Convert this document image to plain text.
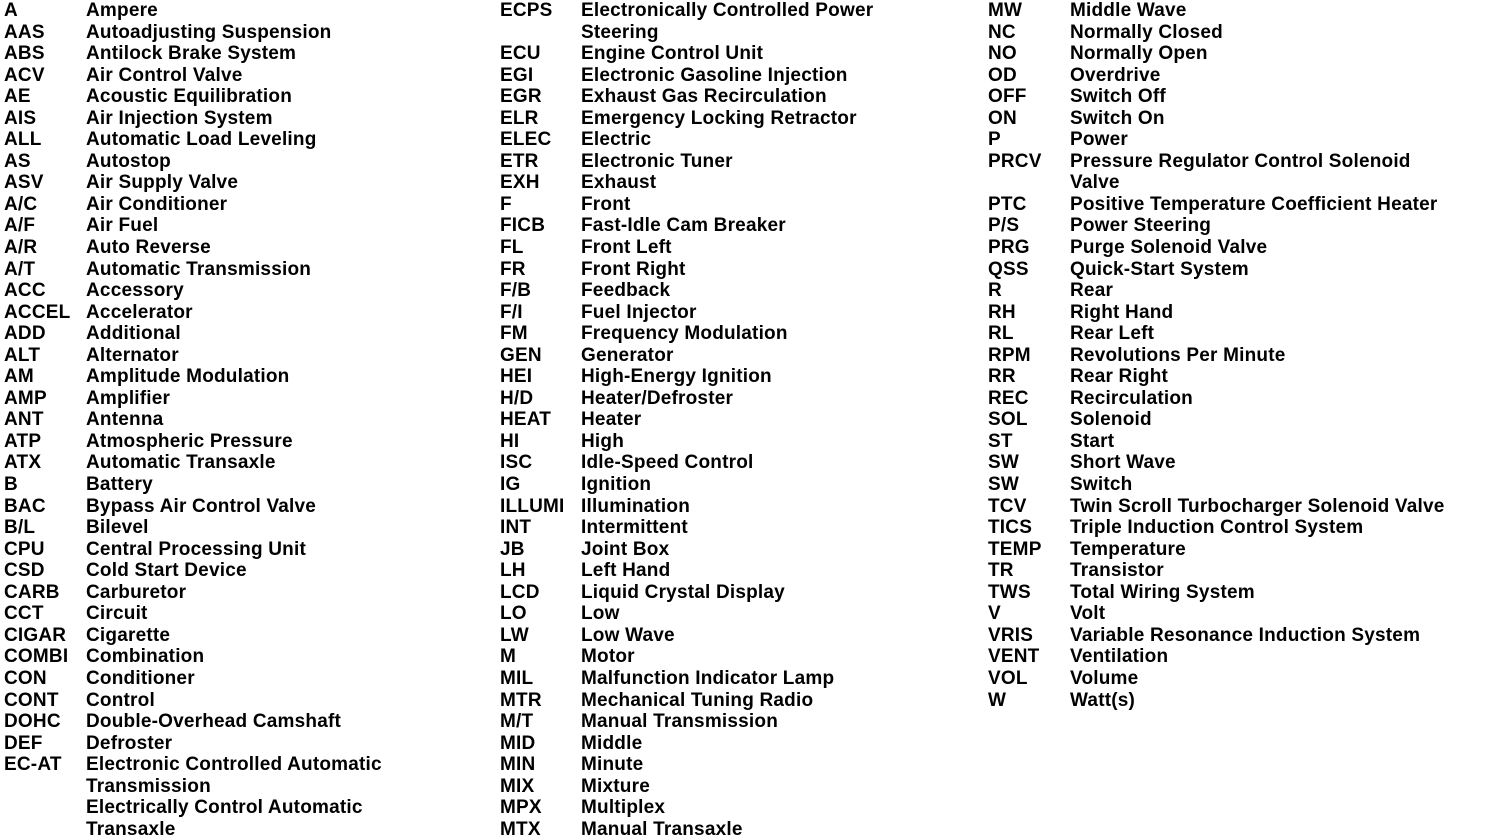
A	Ampere
AAS	Autoadjusting Suspension
ABS	Antilock Brake System
ACV	Air Control Valve
AE	Acoustic Equilibration
AIS	Air Injection System
ALL	Automatic Load Leveling
AS	Autostop
ASV	Air Supply Valve
A/C	Air Conditioner
A/F	Air Fuel
A/R	Auto Reverse
A/T	Automatic Transmission
ACC	Accessory
ACCEL Accelerator
ADD	Additional
ALT	Alternator
AM	Amplitude Modulation
AMP	Amplifier
ANT	Antenna
ATP	Atmospheric Pressure
ATX	Automatic Transaxle
B	Battery
BAC	Bypass Air Control Valve
B/L	Bilevel
CPU	Central Processing Unit
CSD	Cold Start Device
CARB	Carburetor
CCT	Circuit
CIGAR	Cigarette
COMBI Combination
CON	Conditioner
CONT	Control
DOHC	Double-Overhead Camshaft
DEF	Defroster
EC-AT	Electronic Controlled Automatic
Transmission
Electrically Control Automatic
Transaxle
ECPS	Electronically Controlled Power
Steering
ECU	Engine Control Unit
EGI	Electronic Gasoline Injection
EGR	Exhaust Gas Recirculation
ELR	Emergency Locking Retractor
ELEC	Electric
ETR	Electronic Tuner
EXH	Exhaust
F	Front
FICB	Fast-Idle Cam Breaker
FL	Front Left
FR	Front Right
F/B	Feedback
F/I	Fuel Injector
FM	Frequency Modulation
GEN	Generator
HEI	High-Energy Ignition
H/D	Heater/Defroster
HEAT	Heater
HI	High
ISC	Idle-Speed Control
IG	Ignition
ILLUMI Illumination
INT	Intermittent
JB	Joint Box
LH	Left Hand
LCD	Liquid Crystal Display
LO	Low
LW	Low Wave
M	Motor
MIL	Malfunction Indicator Lamp
MTR	Mechanical Tuning Radio
M/T	Manual Transmission
MID	Middle
MIN	Minute
MIX	Mixture
MPX	Multiplex
MTX	Manual Transaxle
MW	Middle Wave
NC	Normally Closed
NO	Normally Open
OD	Overdrive
OFF	Switch Off
ON	Switch On
P	Power
PRCV	Pressure Regulator Control Solenoid
Valve
PTC	Positive Temperature Coefficient Heater
P/S	Power Steering
PRG	Purge Solenoid Valve
QSS	Quick-Start System
R	Rear
RH	Right Hand
RL	Rear Left
RPM	Revolutions Per Minute
RR	Rear Right
REC	Recirculation
SOL	Solenoid
ST	Start
SW	Short Wave
SW	Switch
TCV	Twin Scroll Turbocharger Solenoid Valve
TICS	Triple Induction Control System
TEMP	Temperature
TR	Transistor
TWS	Total Wiring System
V	Volt
VRIS	Variable Resonance Induction System
VENT	Ventilation
VOL	Volume
W	Watt(s)
